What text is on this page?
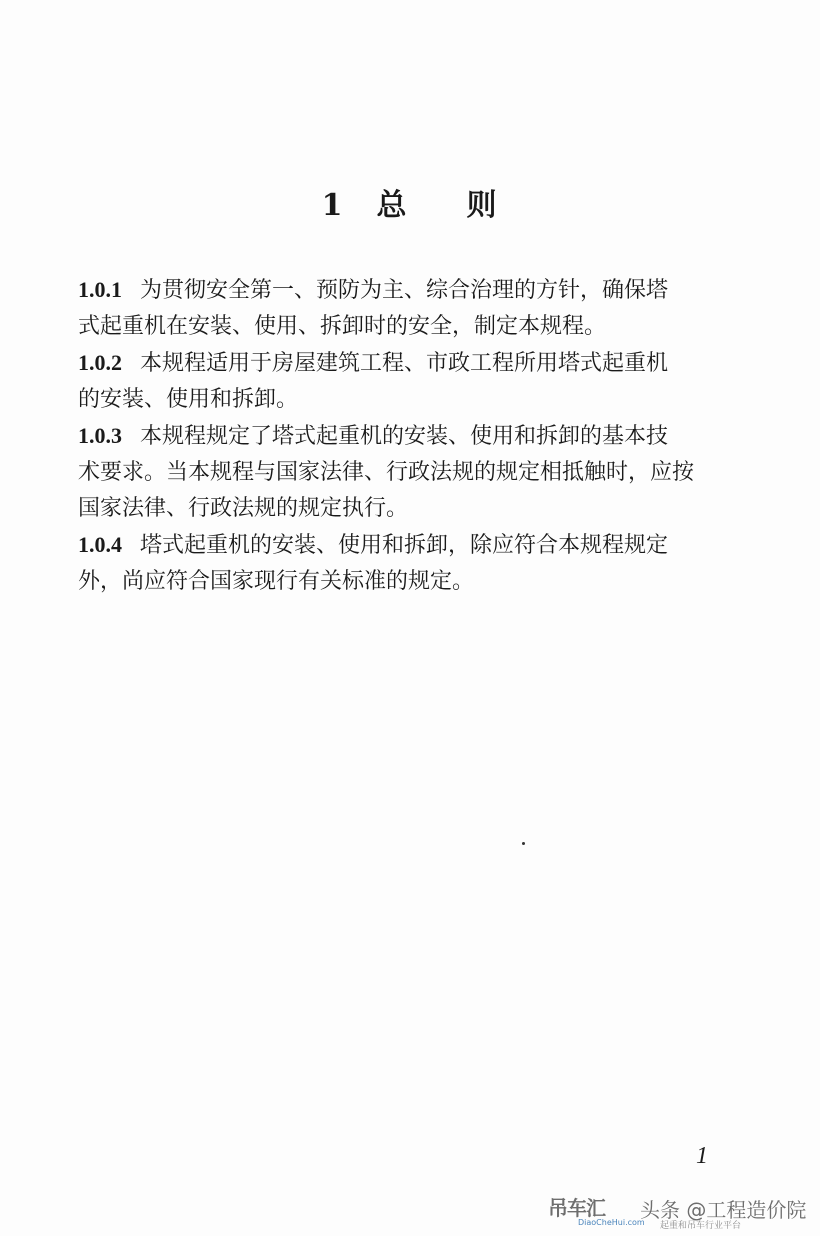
1 总 则

1.0.1 为贯彻安全第一、预防为主、综合治理的方针，确保塔
式起重机在安装、使用、拆卸时的安全，制定本规程。

1.0.2 本规程适用于房屋建筑工程、市政工程所用塔式起重机
的安装、使用和拆卸。

1.0.3 本规程规定了塔式起重机的安装、使用和拆卸的基本技
术要求。当本规程与国家法律、行政法规的规定相抵触时，应按
国家法律、行政法规的规定执行。

1.0.4 塔式起重机的安装、使用和拆卸，除应符合本规程规定
外，尚应符合国家现行有关标准的规定。

1
吊车汇
DiaoCheHui.com
头条 @工程造价院
起重和吊车行业平台
